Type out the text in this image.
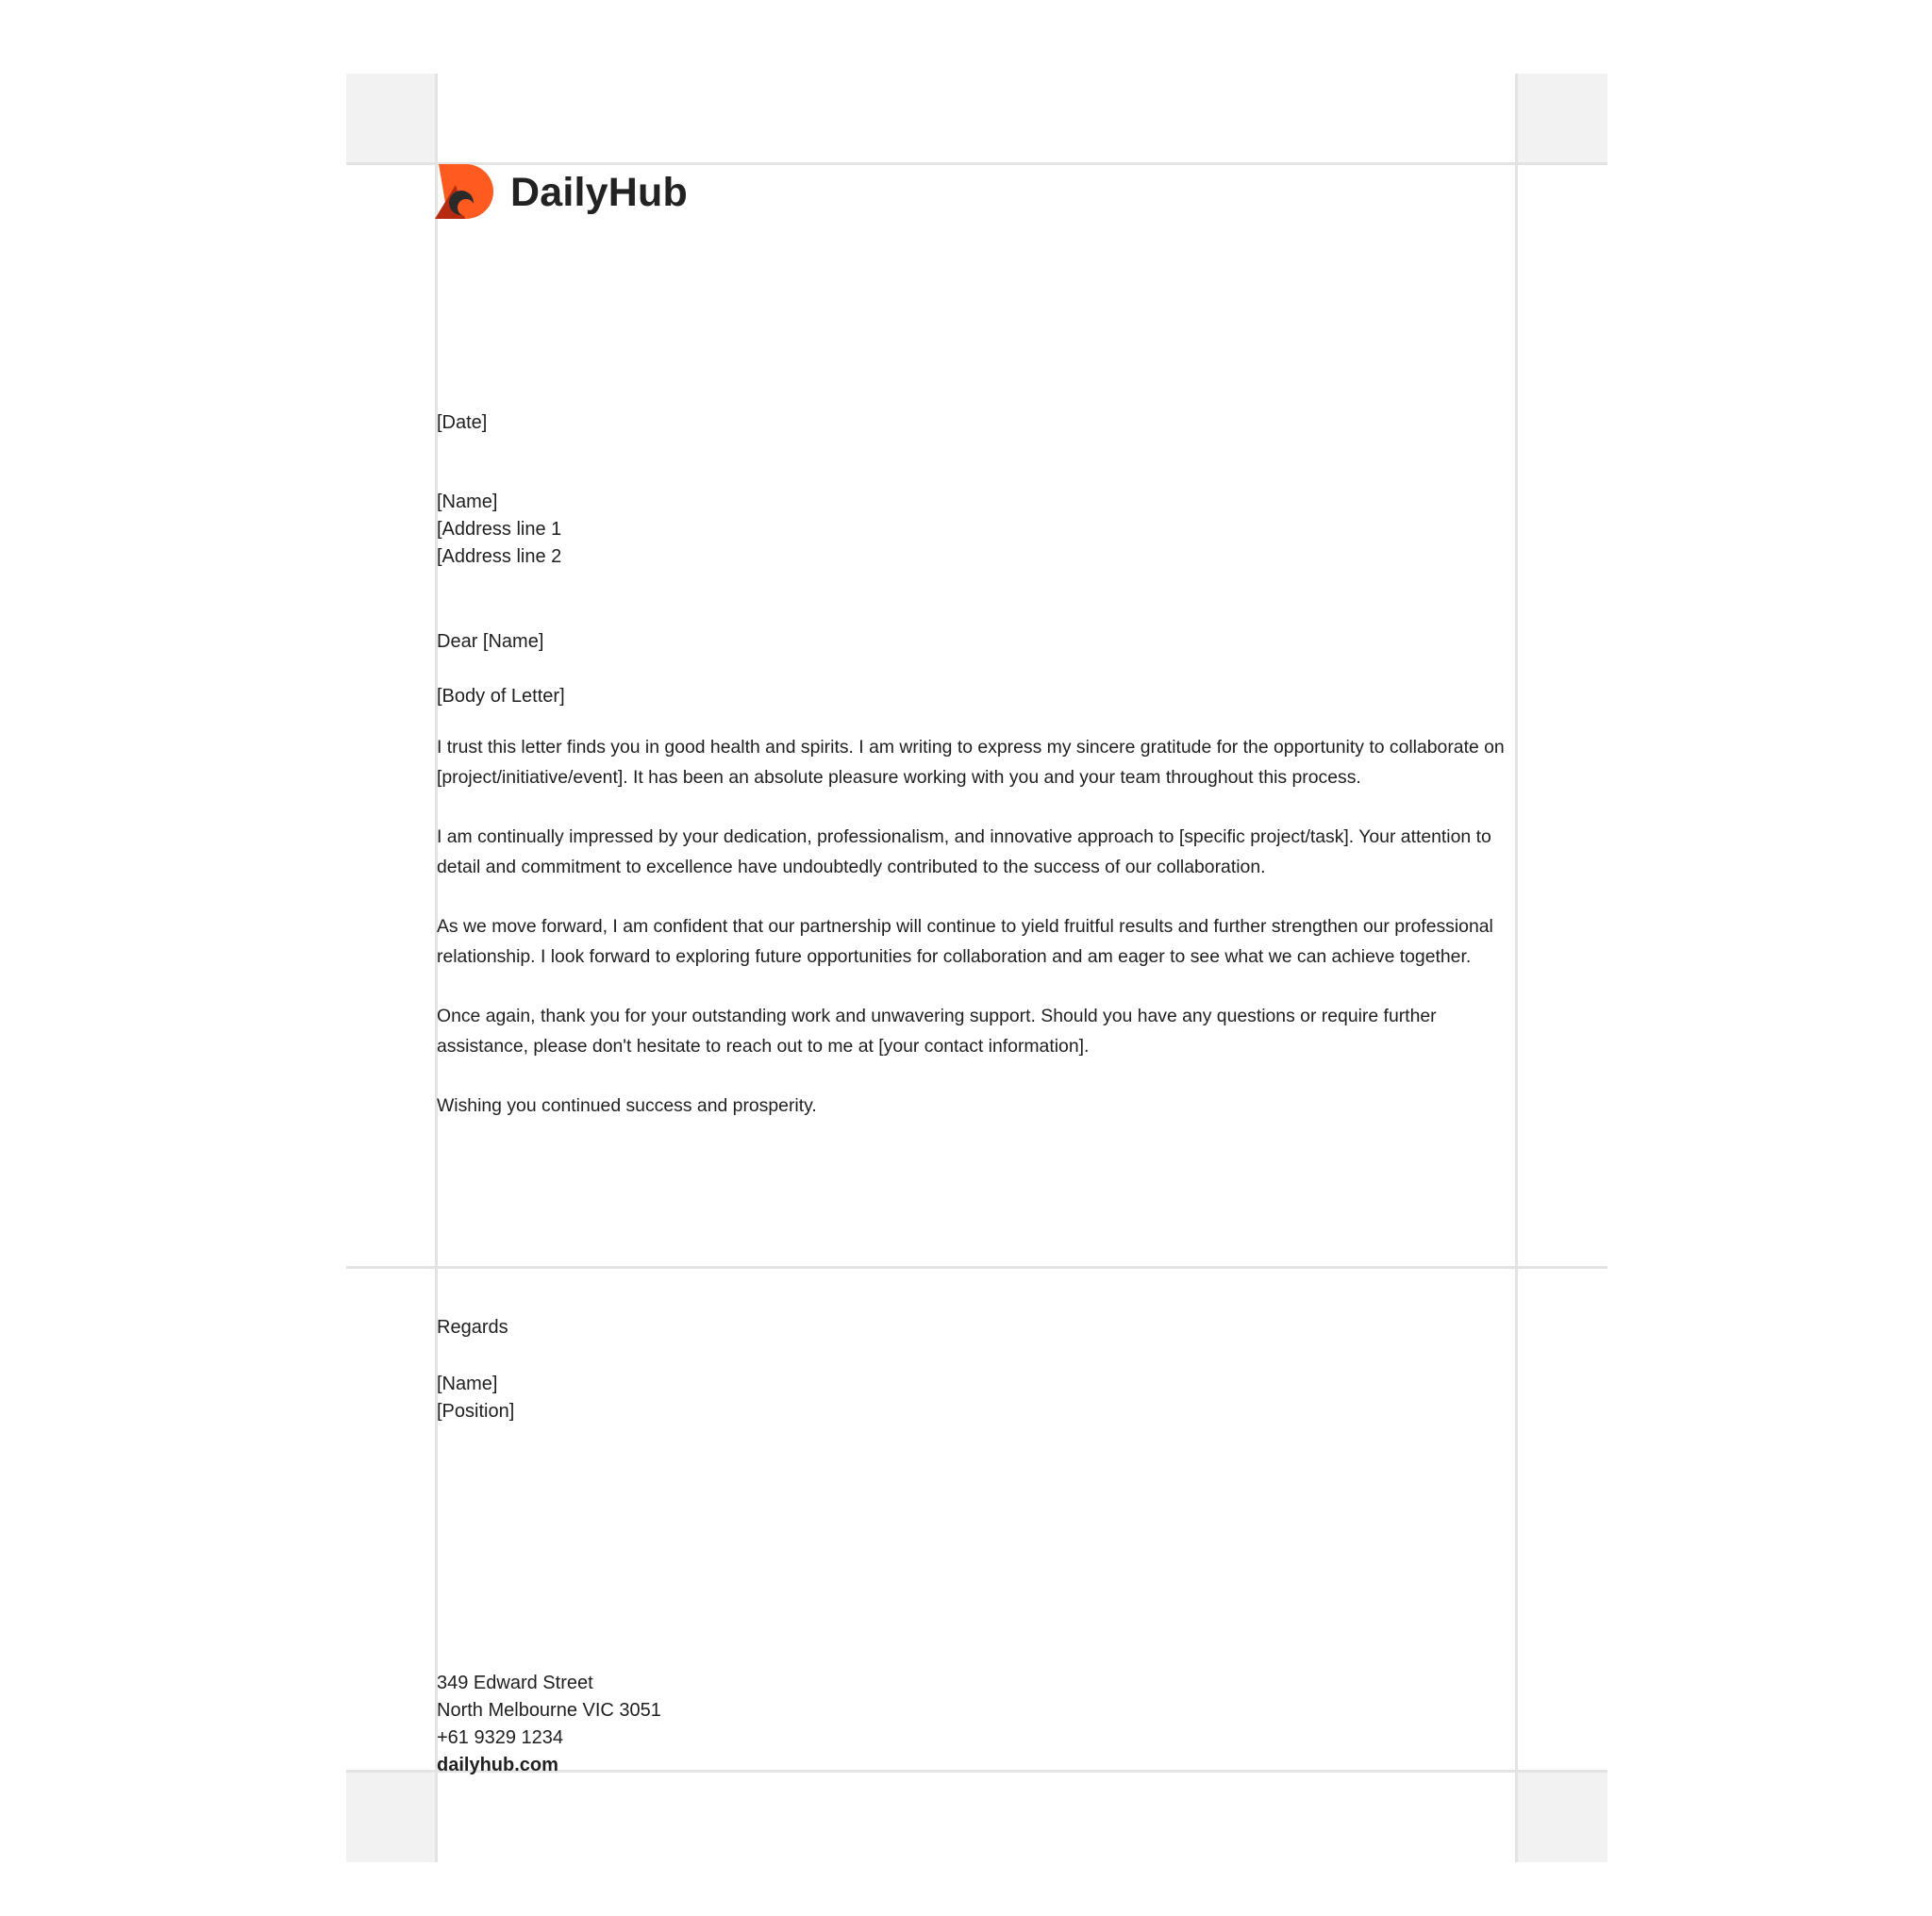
DailyHub
[Date]
[Name]
[Address line 1
[Address line 2
Dear [Name]
[Body of Letter]
I trust this letter finds you in good health and spirits. I am writing to express my sincere gratitude for the opportunity to collaborate on [project/initiative/event]. It has been an absolute pleasure working with you and your team throughout this process.
I am continually impressed by your dedication, professionalism, and innovative approach to [specific project/task]. Your attention to detail and commitment to excellence have undoubtedly contributed to the success of our collaboration.
As we move forward, I am confident that our partnership will continue to yield fruitful results and further strengthen our professional relationship. I look forward to exploring future opportunities for collaboration and am eager to see what we can achieve together.
Once again, thank you for your outstanding work and unwavering support. Should you have any questions or require further assistance, please don't hesitate to reach out to me at [your contact information].
Wishing you continued success and prosperity.
Regards
[Name]
[Position]
349 Edward Street
North Melbourne VIC 3051
+61 9329 1234
dailyhub.com
